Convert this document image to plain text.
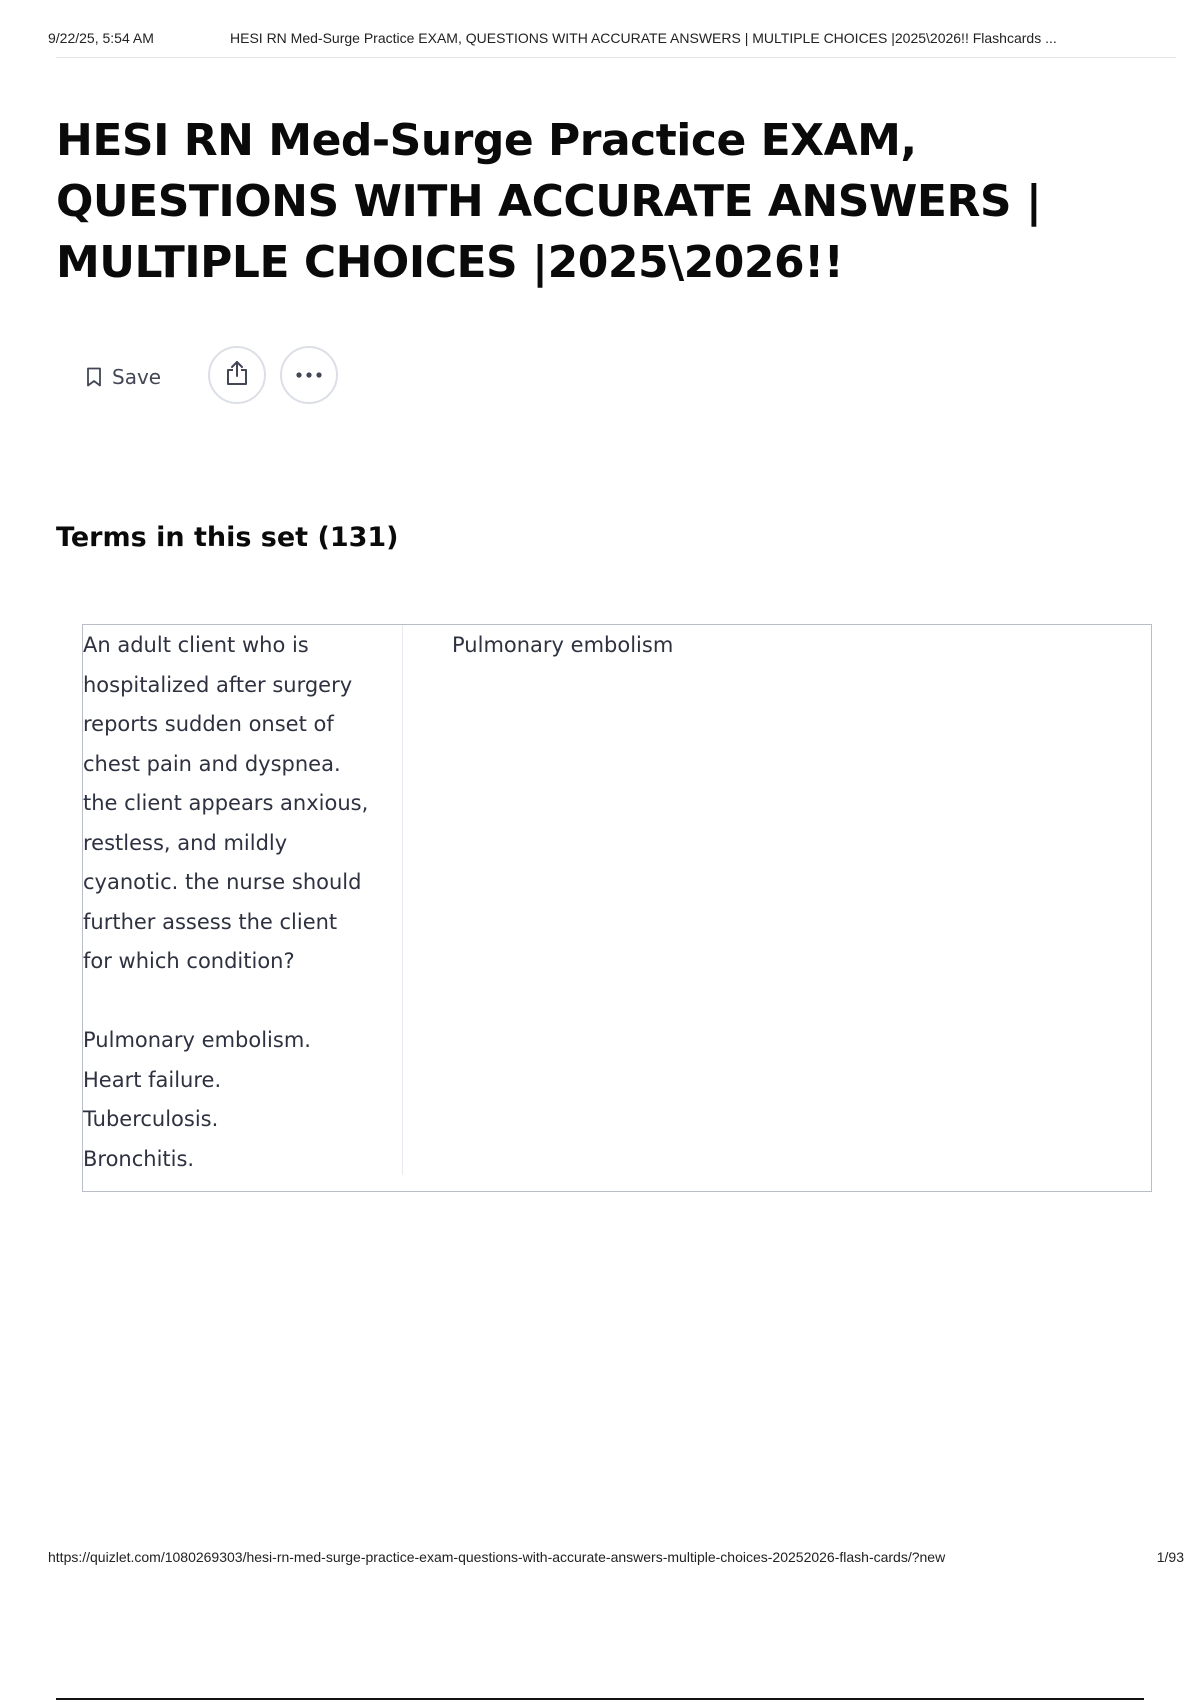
9/22/25, 5:54 AM	HESI RN Med-Surge Practice EXAM, QUESTIONS WITH ACCURATE ANSWERS | MULTIPLE CHOICES |2025\2026!! Flashcards ...
HESI RN Med-Surge Practice EXAM, QUESTIONS WITH ACCURATE ANSWERS | MULTIPLE CHOICES |2025\2026!!
Save
Terms in this set (131)

An adult client who is
hospitalized after surgery
reports sudden onset of
chest pain and dyspnea.
the client appears anxious,
restless, and mildly
cyanotic. the nurse should
further assess the client
for which condition?

Pulmonary embolism.

Heart failure.

Tuberculosis.

Bronchitis.

Pulmonary embolism
https://quizlet.com/1080269303/hesi-rn-med-surge-practice-exam-questions-with-accurate-answers-multiple-choices-20252026-flash-cards/?new	1/93
